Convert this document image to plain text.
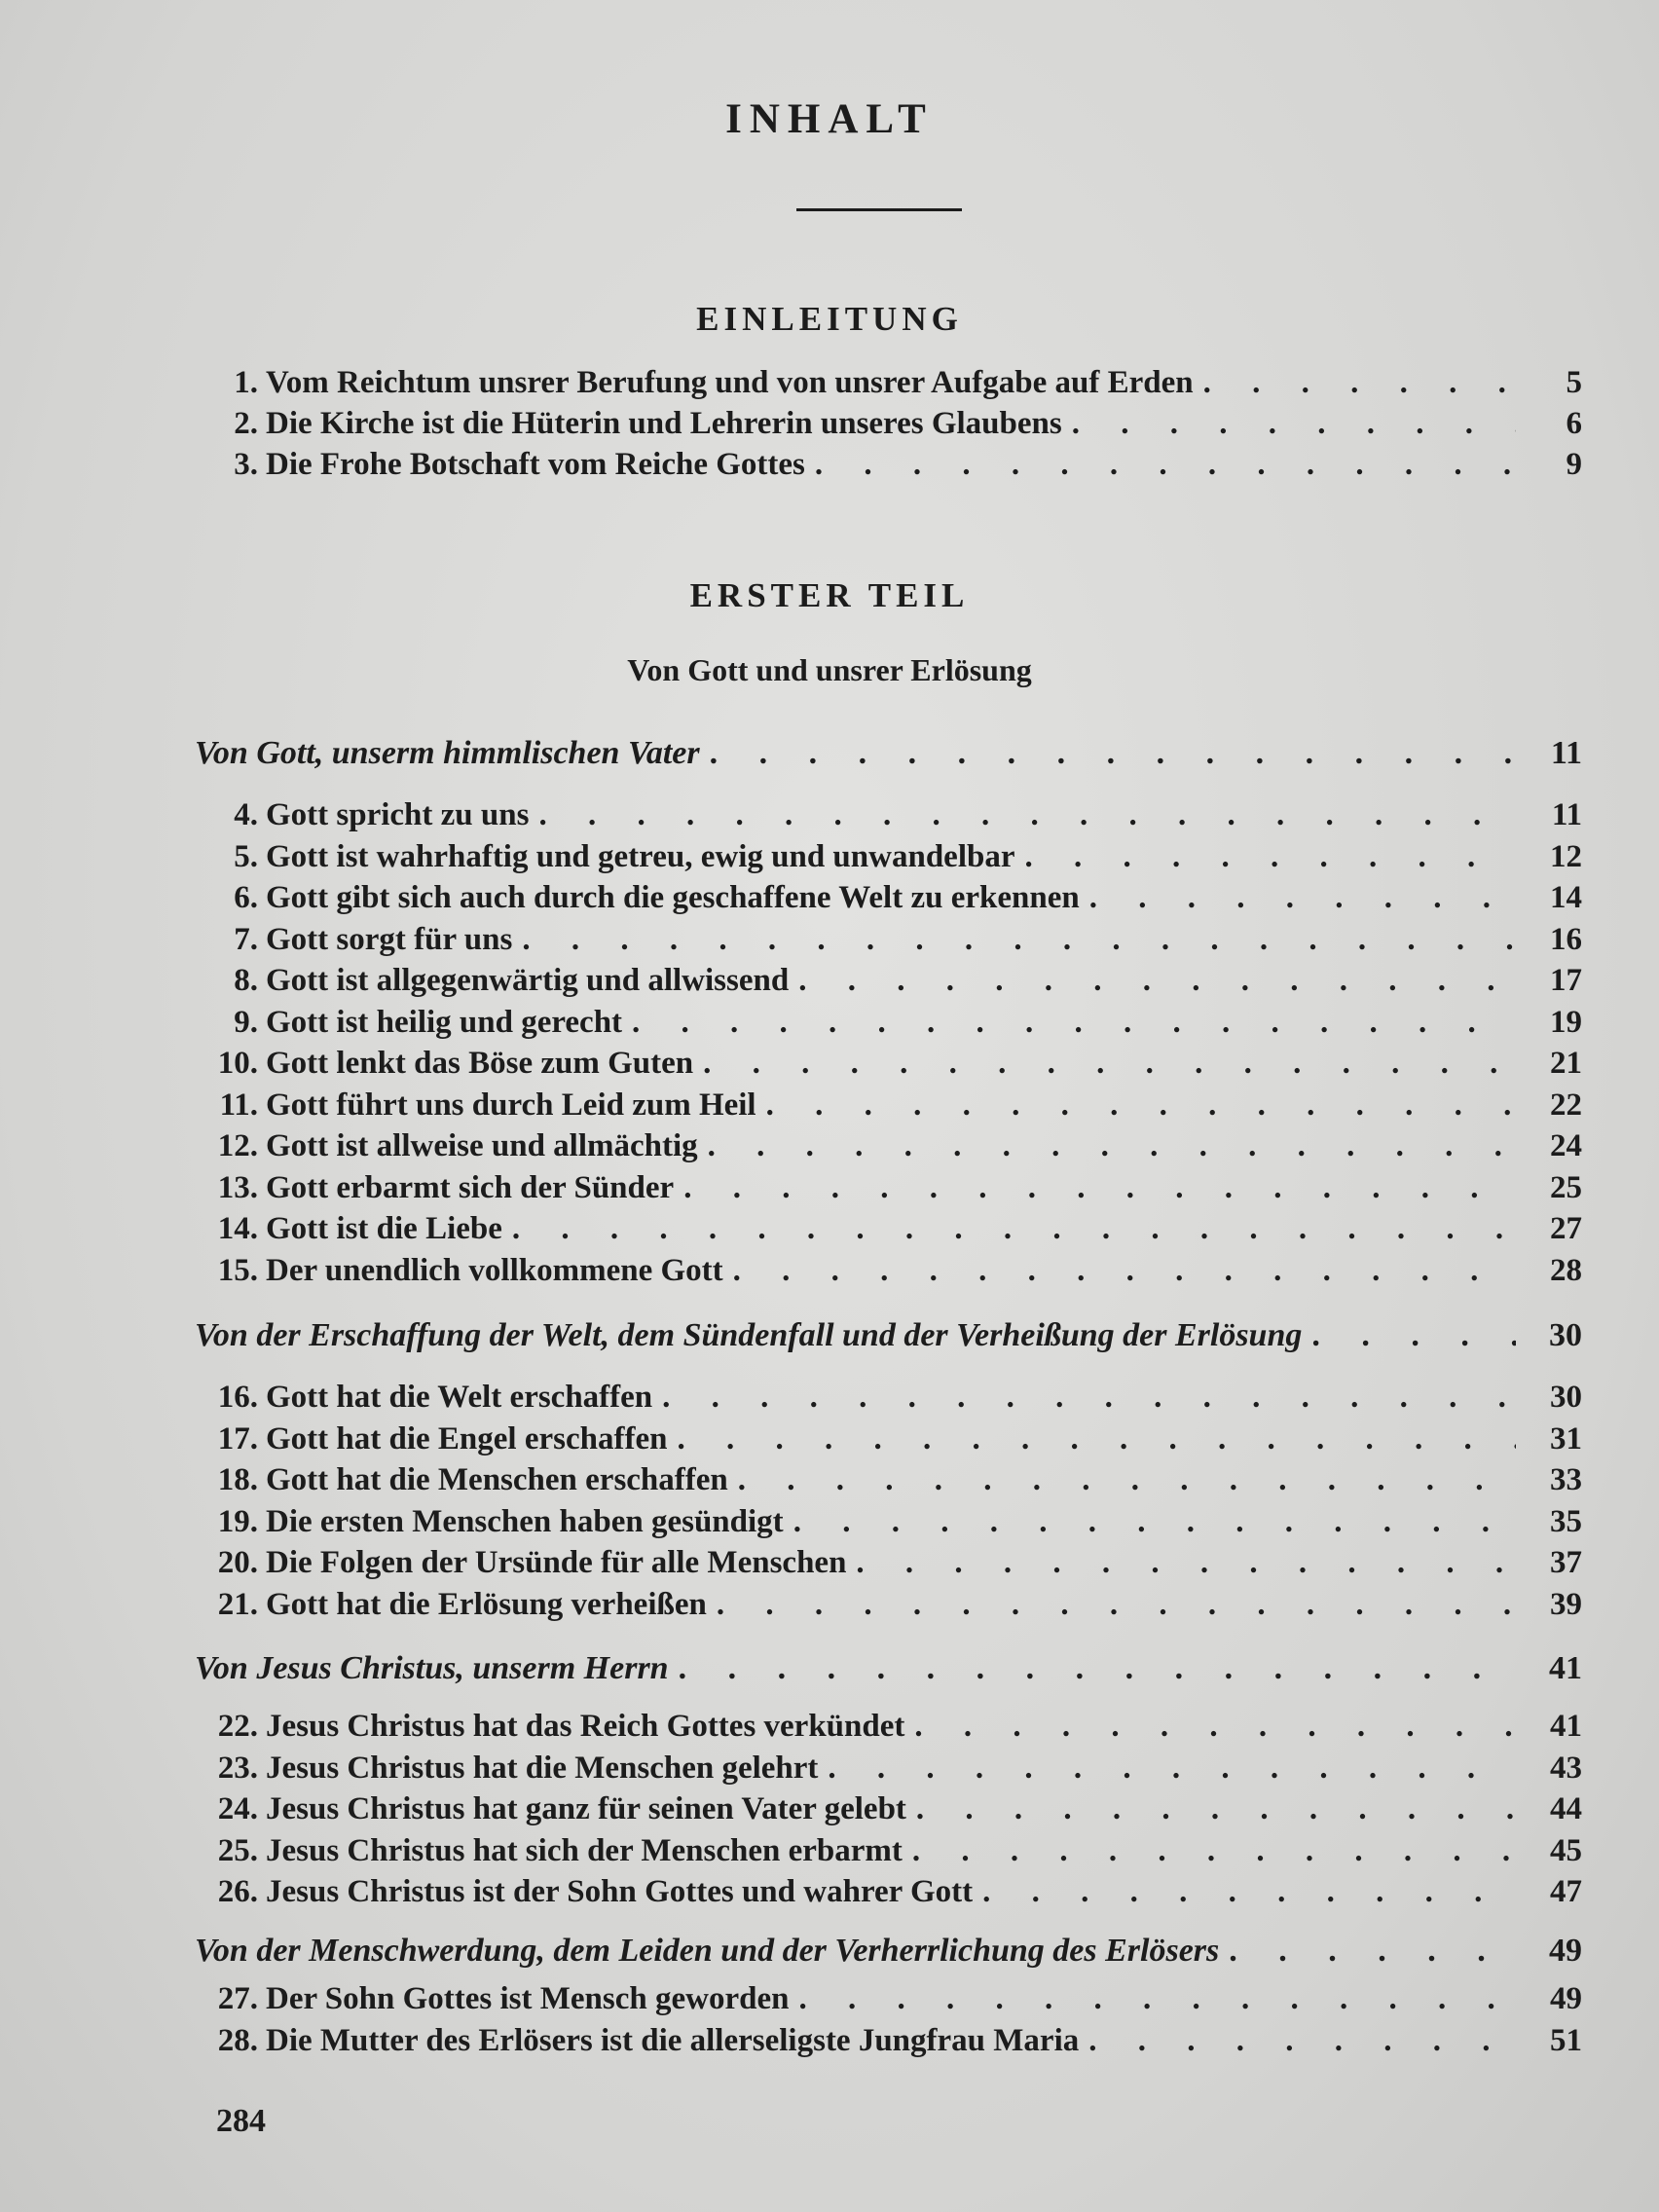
INHALT
EINLEITUNG
1. Vom Reichtum unsrer Berufung und von unsrer Aufgabe auf Erden . . .	5
2. Die Kirche ist die Hüterin und Lehrerin unseres Glaubens . . .	6
3. Die Frohe Botschaft vom Reiche Gottes . . .	9
ERSTER TEIL
Von Gott und unsrer Erlösung
Von Gott, unserm himmlischen Vater . . .	11
4. Gott spricht zu uns . . .	11
5. Gott ist wahrhaftig und getreu, ewig und unwandelbar . . .	12
6. Gott gibt sich auch durch die geschaffene Welt zu erkennen . . .	14
7. Gott sorgt für uns . . .	16
8. Gott ist allgegenwärtig und allwissend . . .	17
9. Gott ist heilig und gerecht . . .	19
10. Gott lenkt das Böse zum Guten . . .	21
11. Gott führt uns durch Leid zum Heil . . .	22
12. Gott ist allweise und allmächtig . . .	24
13. Gott erbarmt sich der Sünder . . .	25
14. Gott ist die Liebe . . .	27
15. Der unendlich vollkommene Gott . . .	28
Von der Erschaffung der Welt, dem Sündenfall und der Verheißung der Erlösung . . .	30
16. Gott hat die Welt erschaffen . . .	30
17. Gott hat die Engel erschaffen . . .	31
18. Gott hat die Menschen erschaffen . . .	33
19. Die ersten Menschen haben gesündigt . . .	35
20. Die Folgen der Ursünde für alle Menschen . . .	37
21. Gott hat die Erlösung verheißen . . .	39
Von Jesus Christus, unserm Herrn . . .	41
22. Jesus Christus hat das Reich Gottes verkündet . . .	41
23. Jesus Christus hat die Menschen gelehrt . . .	43
24. Jesus Christus hat ganz für seinen Vater gelebt . . .	44
25. Jesus Christus hat sich der Menschen erbarmt . . .	45
26. Jesus Christus ist der Sohn Gottes und wahrer Gott . . .	47
Von der Menschwerdung, dem Leiden und der Verherrlichung des Erlösers . . .	49
27. Der Sohn Gottes ist Mensch geworden . . .	49
28. Die Mutter des Erlösers ist die allerseligste Jungfrau Maria . . .	51
284
